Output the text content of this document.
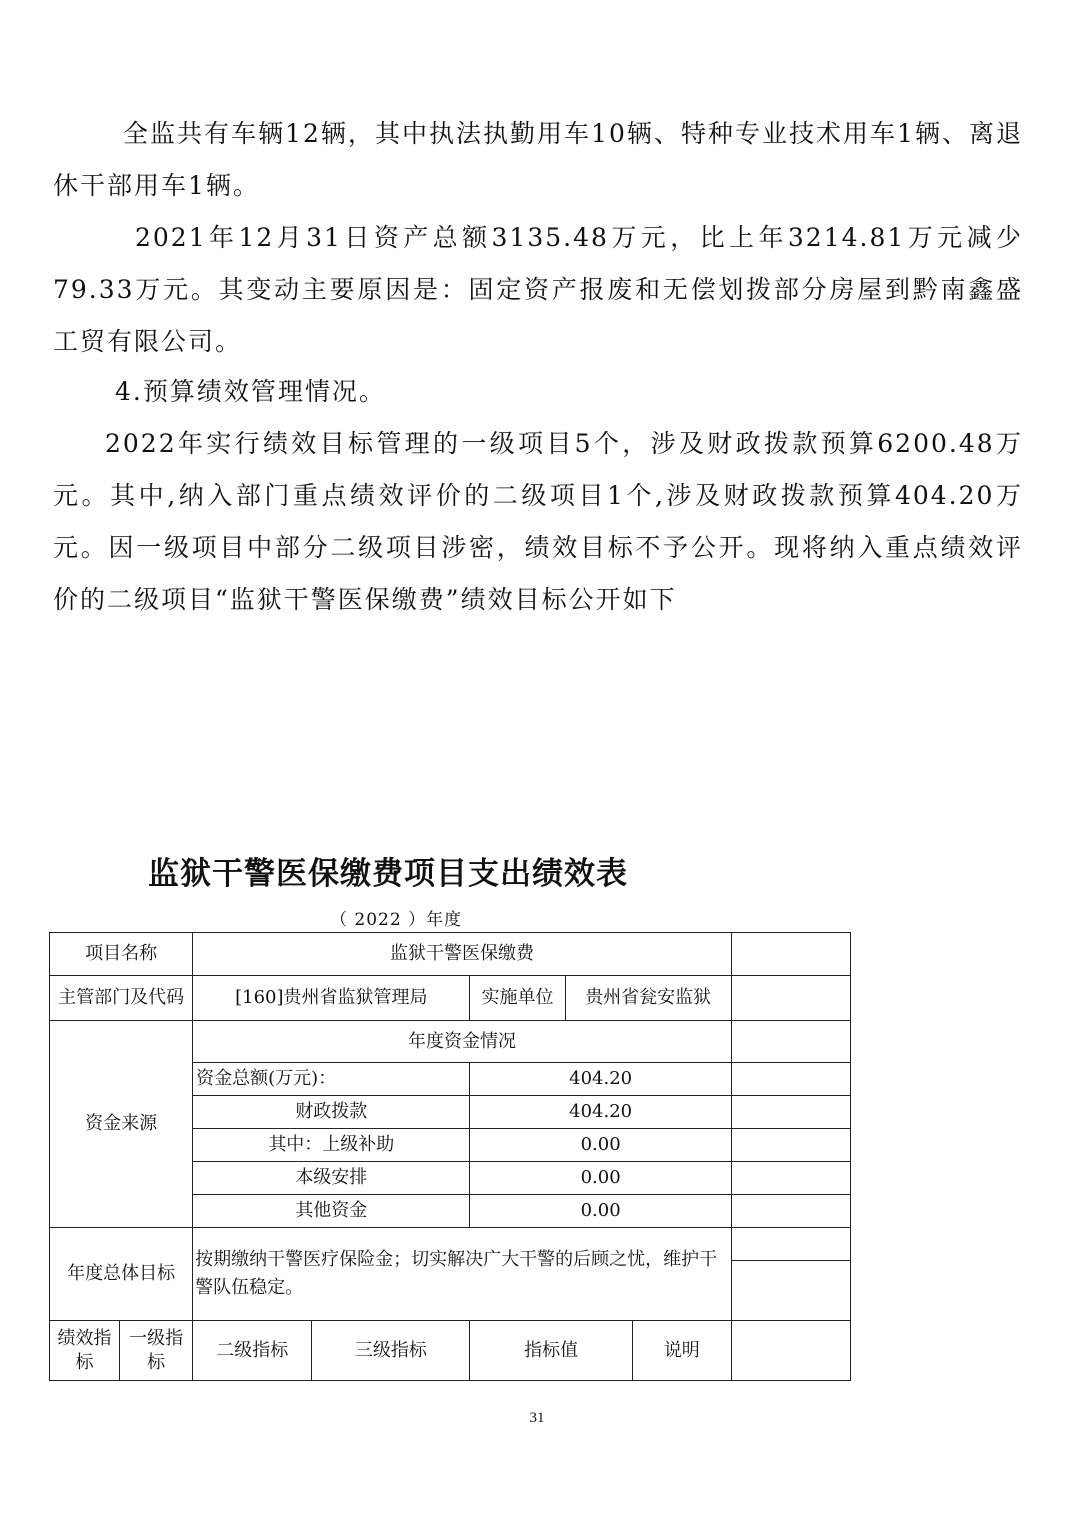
全监共有车辆12辆，其中执法执勤用车10辆、特种专业技术用车1辆、离退休干部用车1辆。

2021年12月31日资产总额3135.48万元，比上年3214.81万元减少79.33万元。其变动主要原因是：固定资产报废和无偿划拨部分房屋到黔南鑫盛工贸有限公司。

4.预算绩效管理情况。

2022年实行绩效目标管理的一级项目5个，涉及财政拨款预算6200.48万元。其中,纳入部门重点绩效评价的二级项目1个,涉及财政拨款预算404.20万元。因一级项目中部分二级项目涉密，绩效目标不予公开。现将纳入重点绩效评价的二级项目“监狱干警医保缴费”绩效目标公开如下

监狱干警医保缴费项目支出绩效表
（ 2022 ）年度
项目名称		监狱干警医保缴费					
主管部门及代码		[160]贵州省监狱管理局		实施单位	贵州省瓮安监狱		
资金来源		年度资金情况					
		资金总额(万元)：		404.20			
		财政拨款		404.20			
		其中：上级补助		0.00			
		本级安排		0.00			
		其他资金		0.00			
年度总体目标		按期缴纳干警医疗保险金；切实解决广大干警的后顾之忧，维护干警队伍稳定。					

绩效指标	一级指标	二级指标	三级指标	指标值		说明	
31
